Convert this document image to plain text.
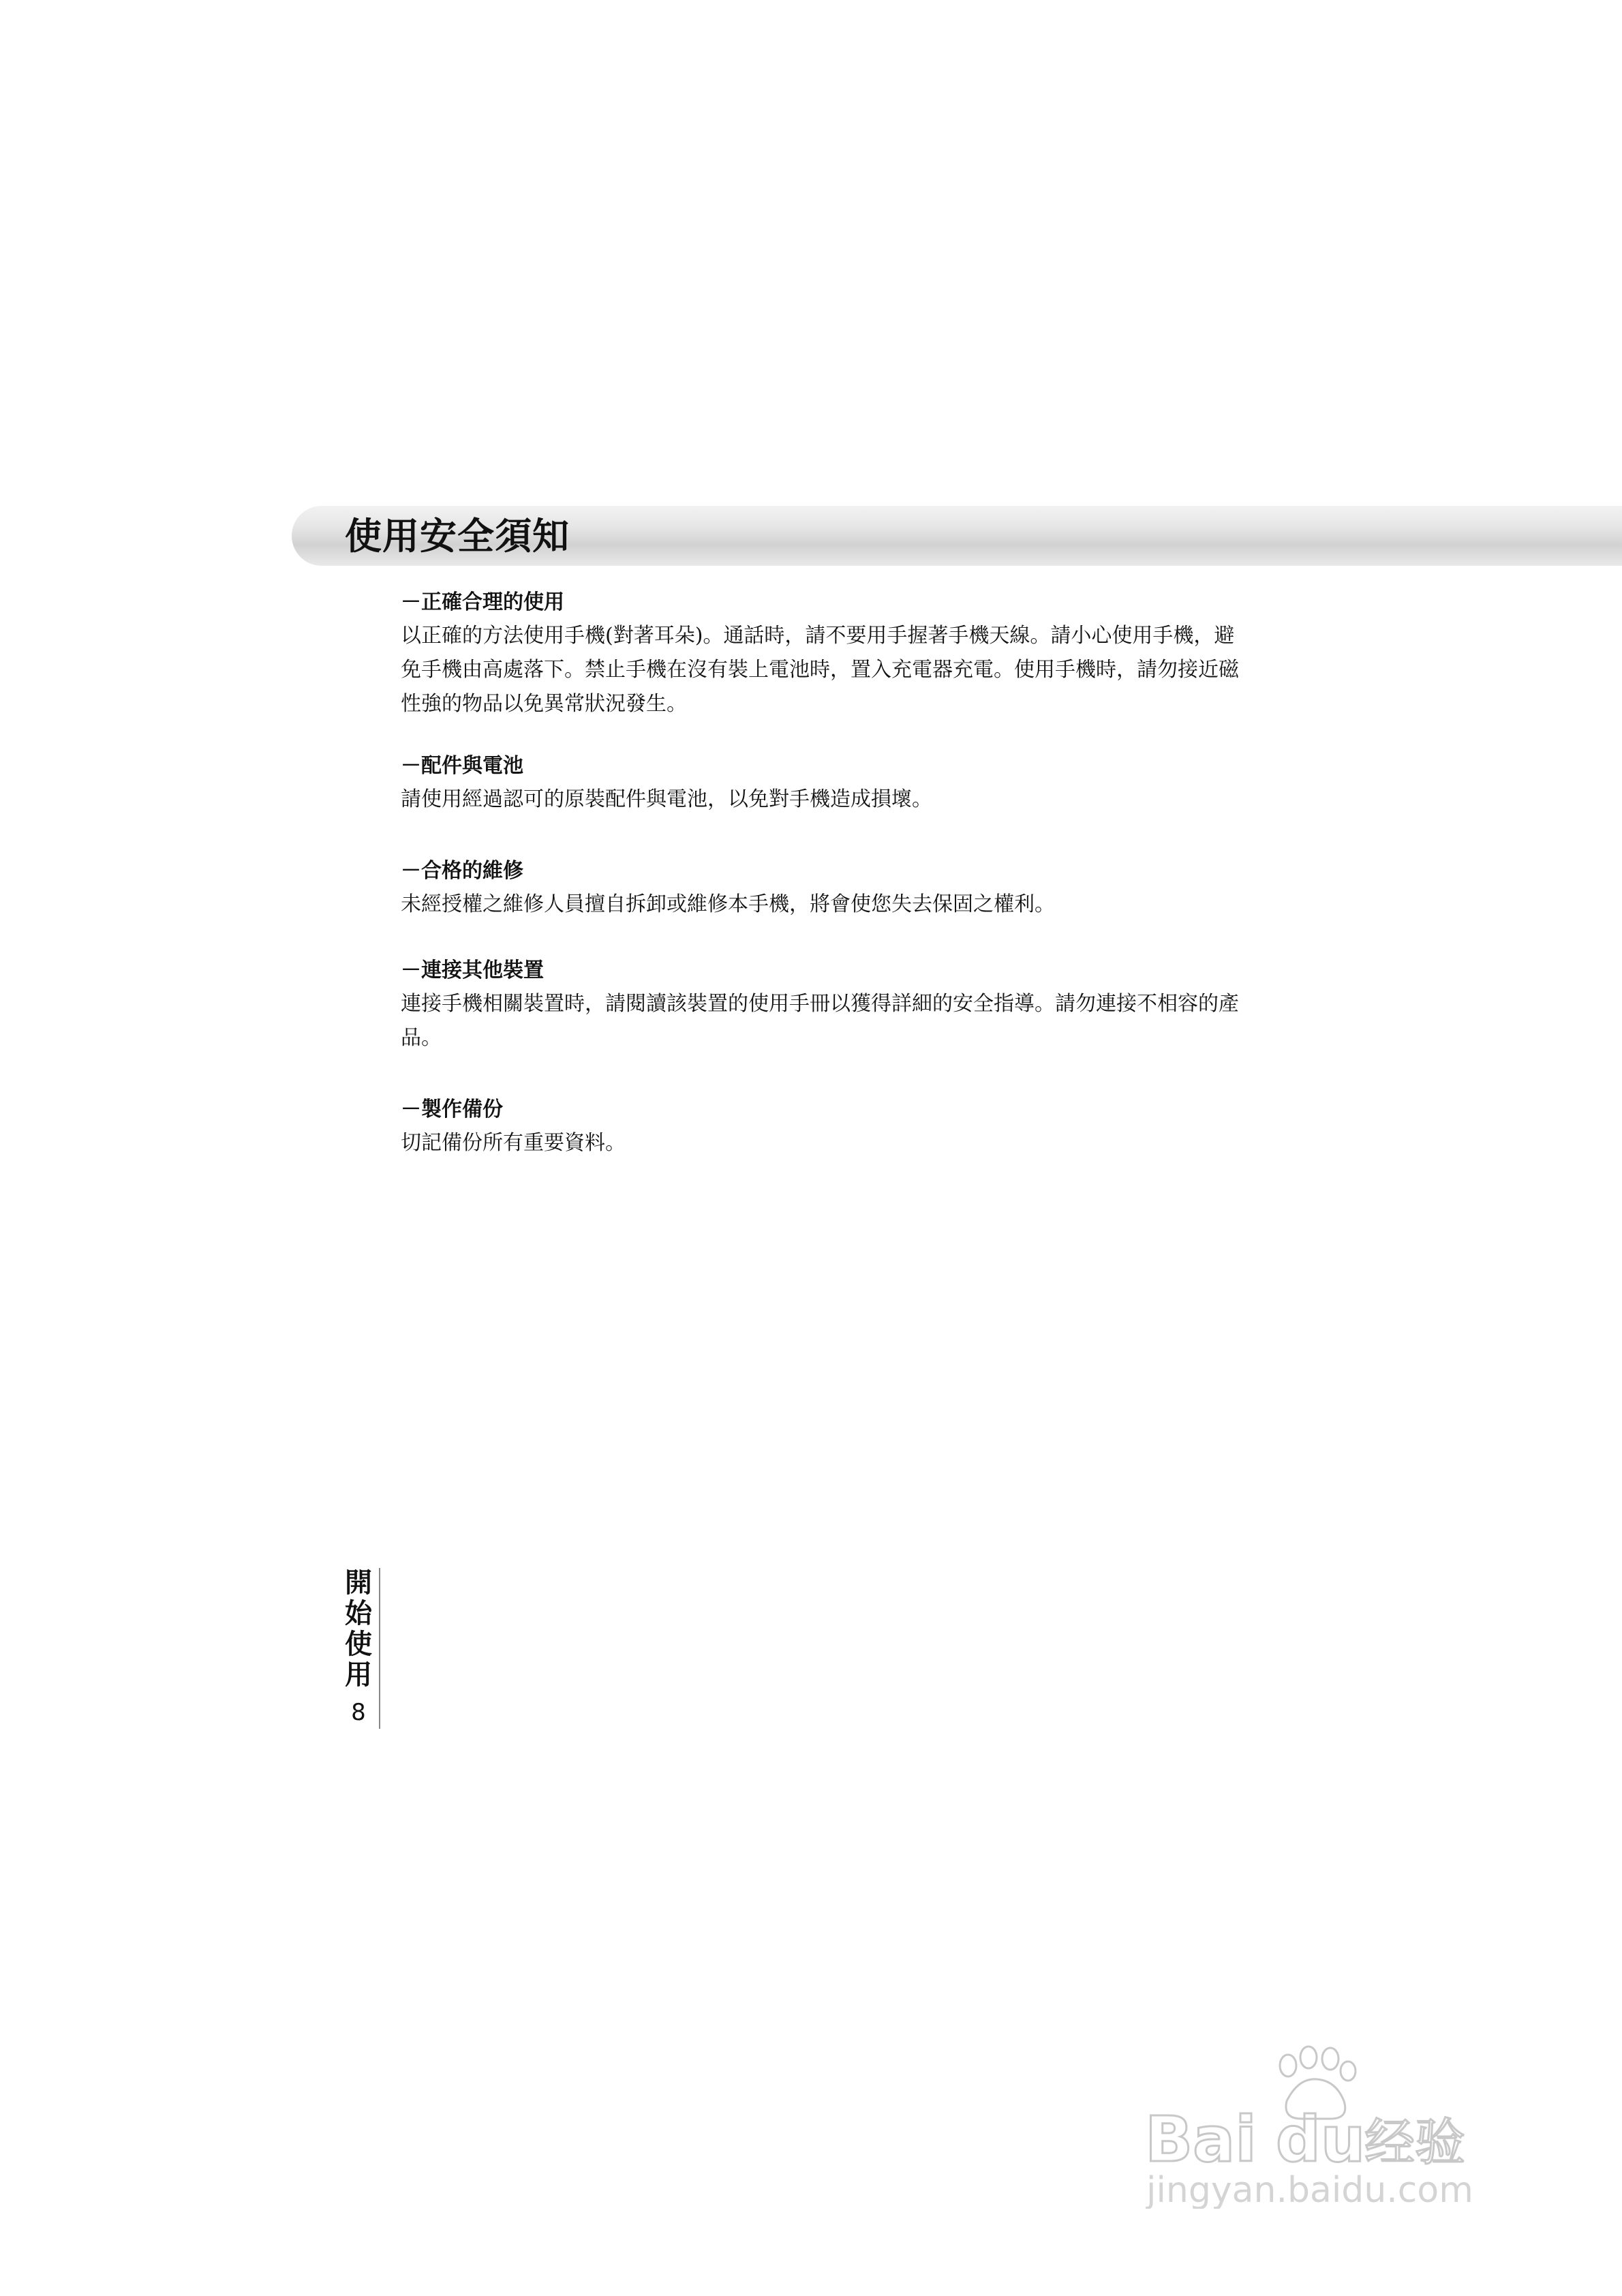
使用安全須知
－正確合理的使用

以正確的方法使用手機(對著耳朵)。通話時，請不要用手握著手機天線。請小心使用手機，避免手機由高處落下。禁止手機在沒有裝上電池時，置入充電器充電。使用手機時，請勿接近磁性強的物品以免異常狀況發生。

－配件與電池

請使用經過認可的原裝配件與電池，以免對手機造成損壞。

－合格的維修

未經授權之維修人員擅自拆卸或維修本手機，將會使您失去保固之權利。

－連接其他裝置

連接手機相關裝置時，請閱讀該裝置的使用手冊以獲得詳細的安全指導。請勿連接不相容的產品。

－製作備份

切記備份所有重要資料。

開始使用
8
Bai du
经验
jingyan.baidu.com
